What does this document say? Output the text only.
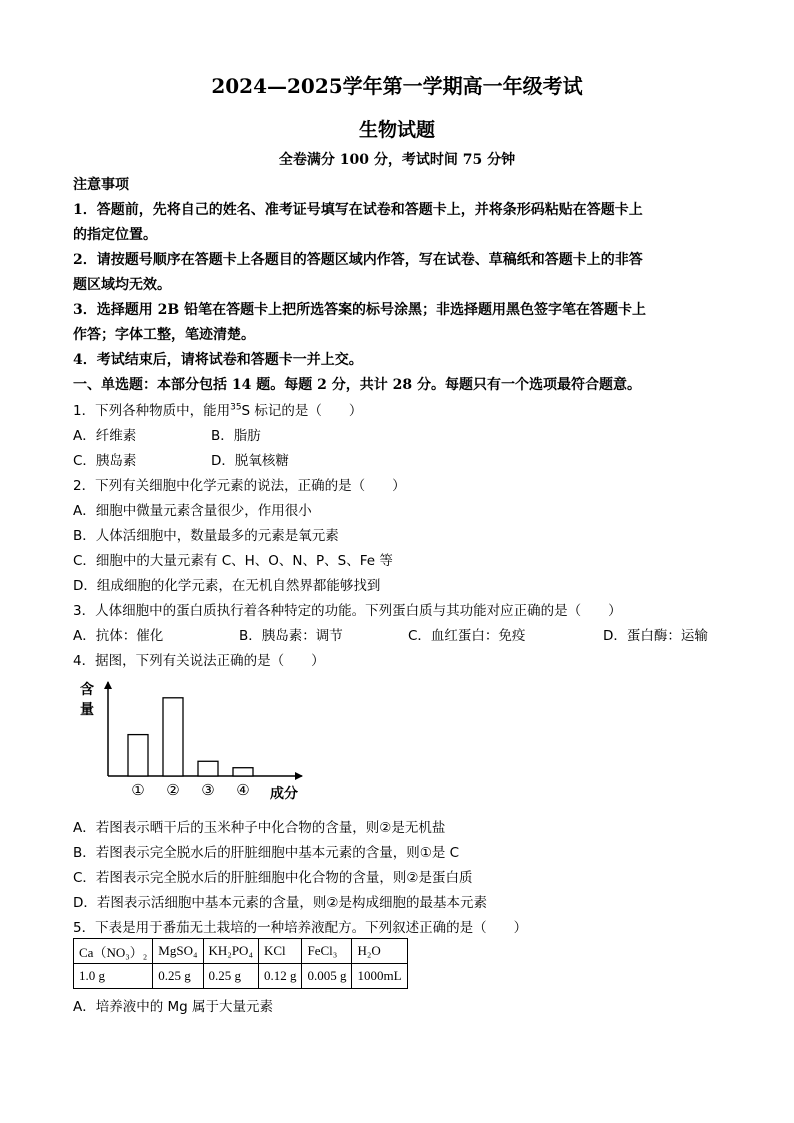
2024—2025学年第一学期高一年级考试
生物试题
全卷满分 100 分，考试时间 75 分钟
注意事项
1．答题前，先将自己的姓名、准考证号填写在试卷和答题卡上，并将条形码粘贴在答题卡上
的指定位置。
2．请按题号顺序在答题卡上各题目的答题区域内作答，写在试卷、草稿纸和答题卡上的非答
题区域均无效。
3．选择题用 2B 铅笔在答题卡上把所选答案的标号涂黑；非选择题用黑色签字笔在答题卡上
作答；字体工整，笔迹清楚。
4．考试结束后，请将试卷和答题卡一并上交。
一、单选题：本部分包括 14 题。每题 2 分，共计 28 分。每题只有一个选项最符合题意。
1．下列各种物质中，能用$^{35}$S 标记的是（　　）
A．纤维素	B．脂肪
C．胰岛素	D．脱氧核糖
2．下列有关细胞中化学元素的说法，正确的是（　　）
A．细胞中微量元素含量很少，作用很小
B．人体活细胞中，数量最多的元素是氧元素
C．细胞中的大量元素有 C、H、O、N、P、S、Fe 等
D．组成细胞的化学元素，在无机自然界都能够找到
3．人体细胞中的蛋白质执行着各种特定的功能。下列蛋白质与其功能对应正确的是（　　）
A．抗体：催化	B．胰岛素：调节	C．血红蛋白：免疫	D．蛋白酶：运输
4．据图，下列有关说法正确的是（　　）
含
量
① ② ③ ④ 成分
A．若图表示晒干后的玉米种子中化合物的含量，则②是无机盐
B．若图表示完全脱水后的肝脏细胞中基本元素的含量，则①是 C
C．若图表示完全脱水后的肝脏细胞中化合物的含量，则②是蛋白质
D．若图表示活细胞中基本元素的含量，则②是构成细胞的最基本元素
5．下表是用于番茄无土栽培的一种培养液配方。下列叙述正确的是（　　）
Ca（NO₃）₂	MgSO₄	KH₂PO₄	KCl	FeCl₃	H₂O
1.0 g	0.25 g	0.25 g	0.12 g	0.005 g	1000mL
A．培养液中的 Mg 属于大量元素
